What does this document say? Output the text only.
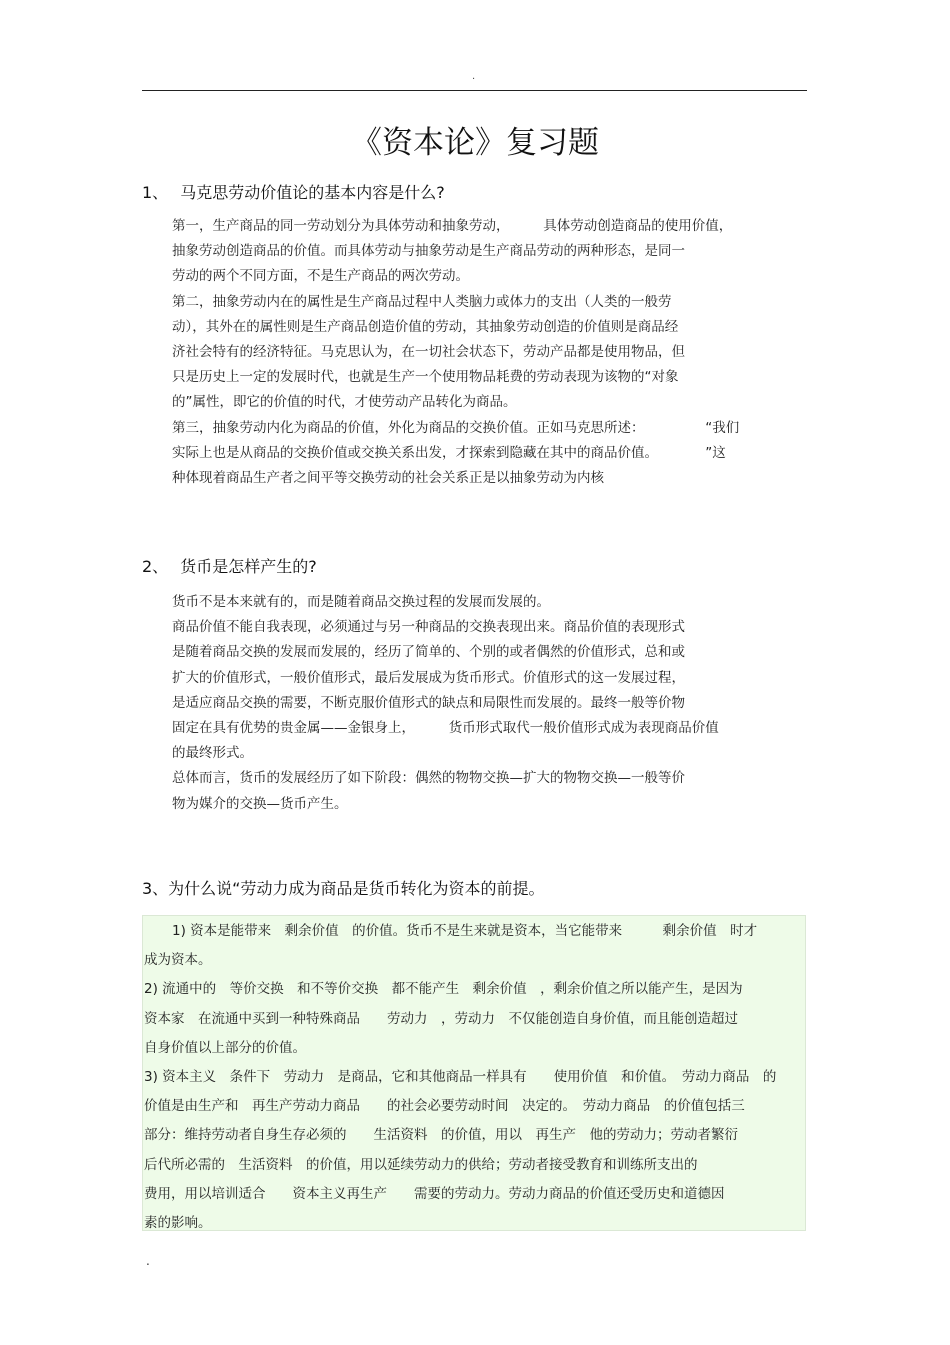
.
《资本论》复习题
1、 马克思劳动价值论的基本内容是什么?
第一，生产商品的同一劳动划分为具体劳动和抽象劳动，　　　具体劳动创造商品的使用价值，
抽象劳动创造商品的价值。而具体劳动与抽象劳动是生产商品劳动的两种形态，是同一
劳动的两个不同方面，不是生产商品的两次劳动。
第二，抽象劳动内在的属性是生产商品过程中人类脑力或体力的支出（人类的一般劳
动），其外在的属性则是生产商品创造价值的劳动，其抽象劳动创造的价值则是商品经
济社会特有的经济特征。马克思认为，在一切社会状态下，劳动产品都是使用物品，但
只是历史上一定的发展时代，也就是生产一个使用物品耗费的劳动表现为该物的“对象
的”属性，即它的价值的时代，才使劳动产品转化为商品。
第三，抽象劳动内化为商品的价值，外化为商品的交换价值。正如马克思所述：　　　　　“我们
实际上也是从商品的交换价值或交换关系出发，才探索到隐藏在其中的商品价值。　　　　”这
种体现着商品生产者之间平等交换劳动的社会关系正是以抽象劳动为内核
2、 货币是怎样产生的?
货币不是本来就有的，而是随着商品交换过程的发展而发展的。
商品价值不能自我表现，必须通过与另一种商品的交换表现出来。商品价值的表现形式
是随着商品交换的发展而发展的，经历了简单的、个别的或者偶然的价值形式，总和或
扩大的价值形式，一般价值形式，最后发展成为货币形式。价值形式的这一发展过程，
是适应商品交换的需要，不断克服价值形式的缺点和局限性而发展的。最终一般等价物
固定在具有优势的贵金属——金银身上，　　　货币形式取代一般价值形式成为表现商品价值
的最终形式。
总体而言，货币的发展经历了如下阶段：偶然的物物交换—扩大的物物交换—一般等价
物为媒介的交换—货币产生。
3、为什么说“劳动力成为商品是货币转化为资本的前提。
1) 资本是能带来　剩余价值　的价值。货币不是生来就是资本，当它能带来　　　剩余价值　时才
成为资本。
2) 流通中的　等价交换　和不等价交换　都不能产生　剩余价值　，剩余价值之所以能产生，是因为
资本家　在流通中买到一种特殊商品　　劳动力　，劳动力　不仅能创造自身价值，而且能创造超过
自身价值以上部分的价值。
3) 资本主义　条件下　劳动力　是商品，它和其他商品一样具有　　使用价值　和价值。　劳动力商品　的
价值是由生产和　再生产劳动力商品　　的社会必要劳动时间　决定的。　劳动力商品　的价值包括三
部分：维持劳动者自身生存必须的　　生活资料　的价值，用以　再生产　他的劳动力；劳动者繁衍
后代所必需的　生活资料　的价值，用以延续劳动力的供给；劳动者接受教育和训练所支出的
费用，用以培训适合　　资本主义再生产　　需要的劳动力。劳动力商品的价值还受历史和道德因
素的影响。
.
